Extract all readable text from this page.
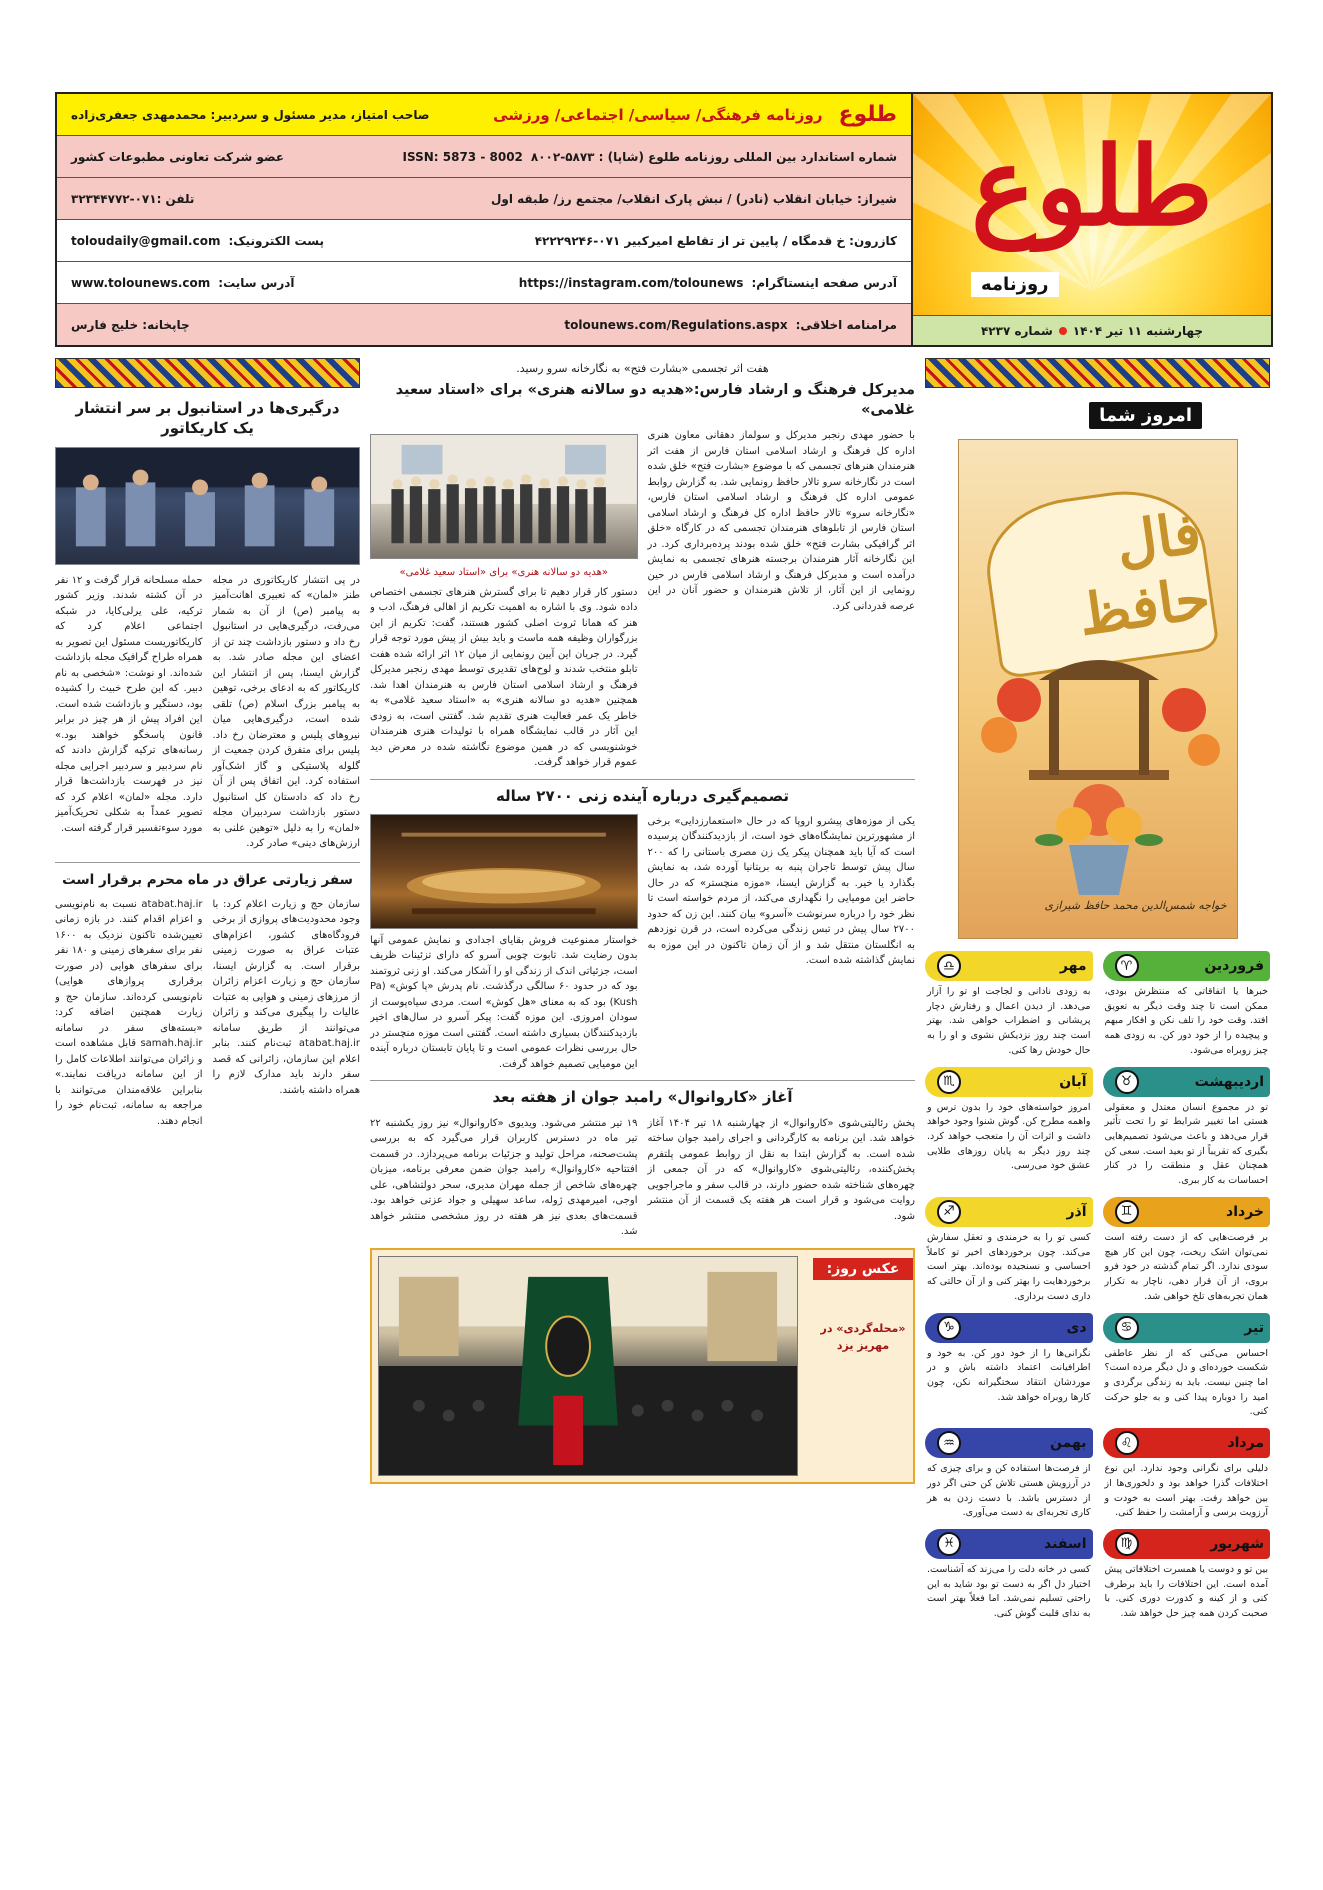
طلوع
روزنامه فرهنگی/ سیاسی/ اجتماعی/ ورزشی
صاحب امتیاز، مدیر مسئول و سردبیر: محمدمهدی جعفری‌زاده
شماره استاندارد بین المللی روزنامه طلوع (شاپا) : ۵۸۷۳-۸۰۰۲
ISSN: 5873 - 8002
عضو شرکت تعاونی مطبوعات کشور
شیراز: خیابان انقلاب (نادر) / نبش پارک انقلاب/ مجتمع رز/ طبقه اول
تلفن :۰۷۱-۳۲۳۴۴۷۷۲
کازرون: خ قدمگاه / پایین تر از تقاطع امیرکبیر ۰۷۱-۴۲۲۲۹۲۴۶
پست الکترونیک:
toloudaily@gmail.com
آدرس صفحه اینستاگرام:
https://instagram.com/tolounews
آدرس سایت:
www.tolounews.com
مرامنامه اخلاقی:
tolounews.com/Regulations.aspx
چاپخانه: خلیج فارس
طلوع
روزنامه
چهارشنبه ۱۱ تیر ۱۴۰۴
شماره ۴۲۳۷
امروز شما
فال حافظ
خواجه شمس‌الدین محمد حافظ شیرازی
فروردین
♈
خبرها یا اتفاقاتی که منتظرش بودی، ممکن است تا چند وقت دیگر به تعویق افتد. وقت خود را تلف نکن و افکار مبهم و پیچیده را از خود دور کن. به زودی همه چیز روبراه می‌شود.
مهر
♎
به زودی نادانی و لجاجت او تو را آزار می‌دهد. از دیدن اعمال و رفتارش دچار پریشانی و اضطراب خواهی شد. بهتر است چند روز نزدیکش نشوی و او را به حال خودش رها کنی.
اردیبهشت
♉
تو در مجموع انسان معتدل و معقولی هستی اما تغییر شرایط تو را تحت تأثیر قرار می‌دهد و باعث می‌شود تصمیم‌هایی بگیری که تقریباً از تو بعید است. سعی کن همچنان عقل و منطقت را در کنار احساسات به کار ببری.
آبان
♏
امروز خواسته‌های خود را بدون ترس و واهمه مطرح کن. گوش شنوا وجود خواهد داشت و اثرات آن را متعجب خواهد کرد. چند روز دیگر به پایان روزهای طلایی عشق خود می‌رسی.
خرداد
♊
بر فرصت‌هایی که از دست رفته است نمی‌توان اشک ریخت، چون این کار هیچ سودی ندارد. اگر تمام گذشته در خود فرو بروی، از آن قرار دهی، ناچار به تکرار همان تجربه‌های تلخ خواهی شد.
آذر
♐
کسی تو را به خرمندی و تعقل سفارش می‌کند. چون برخوردهای اخیر تو کاملاً احساسی و نسنجیده بوده‌اند. بهتر است برخوردهایت را بهتر کنی و از آن حالتی که داری دست برداری.
تیر
♋
احساس می‌کنی که از نظر عاطفی شکست خورده‌ای و دل دیگر مرده است؟ اما چنین نیست. باید به زندگی برگردی و امید را دوباره پیدا کنی و به جلو حرکت کنی.
دی
♑
نگرانی‌ها را از خود دور کن. به خود و اطرافیانت اعتماد داشته باش و در موردشان انتقاد سختگیرانه نکن، چون کارها روبراه خواهد شد.
مرداد
♌
دلیلی برای نگرانی وجود ندارد. این نوع اختلافات گذرا خواهد بود و دلخوری‌ها از بین خواهد رفت. بهتر است به خودت و آرزویت برسی و آرامشت را حفظ کنی.
بهمن
♒
از فرصت‌ها استفاده کن و برای چیزی که در آرزویش هستی تلاش کن حتی اگر دور از دسترس باشد. با دست زدن به هر کاری تجربه‌ای به دست می‌آوری.
شهریور
♍
بین تو و دوست یا همسرت اختلافاتی پیش آمده است. این اختلافات را باید برطرف کنی و از کینه و کدورت دوری کنی. با صحبت کردن همه چیز حل خواهد شد.
اسفند
♓
کسی در خانه دلت را می‌زند که آشناست. اختیار دل اگر به دست تو بود شاید به این راحتی تسلیم نمی‌شد. اما فعلاً بهتر است به ندای قلبت گوش کنی.
هفت اثر تجسمی «بشارت فتح» به نگارخانه سرو رسید.
مدیرکل فرهنگ و ارشاد فارس:«هدیه دو سالانه هنری» برای «استاد سعید غلامی»
با حضور مهدی رنجبر مدیرکل و سولماز دهقانی معاون هنری اداره کل فرهنگ و ارشاد اسلامی استان فارس از هفت اثر هنرمندان هنرهای تجسمی که با موضوع «بشارت فتح» خلق شده است در نگارخانه سرو تالار حافظ رونمایی شد. به گزارش روابط عمومی اداره کل فرهنگ و ارشاد اسلامی استان فارس، «نگارخانه سرو» تالار حافظ اداره کل فرهنگ و ارشاد اسلامی استان فارس از تابلوهای هنرمندان تجسمی که در کارگاه «خلق اثر گرافیکی بشارت فتح» خلق شده بودند پرده‌برداری کرد. در این نگارخانه آثار هنرمندان برجسته هنرهای تجسمی به نمایش درآمده است و مدیرکل فرهنگ و ارشاد اسلامی فارس در حین رونمایی از این آثار، از تلاش هنرمندان و حضور آنان در این عرصه قدردانی کرد.
«هدیه دو سالانه هنری» برای «استاد سعید غلامی»
دستور کار قرار دهیم تا برای گسترش هنرهای تجسمی اختصاص داده شود. وی با اشاره به اهمیت تکریم از اهالی فرهنگ، ادب و هنر که همانا ثروت اصلی کشور هستند، گفت: تکریم از این بزرگواران وظیفه همه ماست و باید بیش از پیش مورد توجه قرار گیرد. در جریان این آیین رونمایی از میان ۱۲ اثر ارائه شده هفت تابلو منتخب شدند و لوح‌های تقدیری توسط مهدی رنجبر مدیرکل فرهنگ و ارشاد اسلامی استان فارس به هنرمندان اهدا شد. همچنین «هدیه دو سالانه هنری» به «استاد سعید غلامی» به خاطر یک عمر فعالیت هنری تقدیم شد. گفتنی است، به زودی این آثار در قالب نمایشگاه همراه با تولیدات هنری هنرمندان خوشنویسی که در همین موضوع نگاشته شده در معرض دید عموم قرار خواهد گرفت.
تصمیم‌گیری درباره آینده زنی ۲۷۰۰ ساله
یکی از موزه‌های پیشرو اروپا که در حال «استعمارزدایی» برخی از مشهورترین نمایشگاه‌های خود است، از بازدیدکنندگان پرسیده است که آیا باید همچنان پیکر یک زن مصری باستانی را که ۲۰۰ سال پیش توسط تاجران پنبه به بریتانیا آورده شد، به نمایش بگذارد یا خیر. به گزارش ایسنا، «موزه منچستر» که در حال حاضر این مومیایی را نگهداری می‌کند، از مردم خواسته است تا نظر خود را درباره سرنوشت «آسرو» بیان کنند. این زن که حدود ۲۷۰۰ سال پیش در تبس زندگی می‌کرده است، در قرن نوزدهم به انگلستان منتقل شد و از آن زمان تاکنون در این موزه به نمایش گذاشته شده است.
خواستار ممنوعیت فروش بقایای اجدادی و نمایش عمومی آنها بدون رضایت شد. تابوت چوبی آسرو که دارای تزئینات ظریف است، جزئیاتی اندک از زندگی او را آشکار می‌کند. او زنی ثروتمند بود که در حدود ۶۰ سالگی درگذشت. نام پدرش «پا کوش» (Pa Kush) بود که به معنای «هل کوش» است. مردی سیاه‌پوست از سودان امروزی. این موزه گفت: پیکر آسرو در سال‌های اخیر بازدیدکنندگان بسیاری داشته است. گفتنی است موزه منچستر در حال بررسی نظرات عمومی است و تا پایان تابستان درباره آینده این مومیایی تصمیم خواهد گرفت.
آغاز «کاروانوال» رامبد جوان از هفته بعد
پخش رئالیتی‌شوی «کاروانوال» از چهارشنبه ۱۸ تیر ۱۴۰۴ آغاز خواهد شد. این برنامه به کارگردانی و اجرای رامبد جوان ساخته شده است. به گزارش ابتدا به نقل از روابط عمومی پلتفرم پخش‌کننده، رئالیتی‌شوی «کاروانوال» که در آن جمعی از چهره‌های شناخته شده حضور دارند، در قالب سفر و ماجراجویی روایت می‌شود و قرار است هر هفته یک قسمت از آن منتشر شود.
۱۹ تیر منتشر می‌شود. ویدیوی «کاروانوال» نیز روز یکشنبه ۲۲ تیر ماه در دسترس کاربران قرار می‌گیرد که به بررسی پشت‌صحنه، مراحل تولید و جزئیات برنامه می‌پردازد. در قسمت افتتاحیه «کاروانوال» رامبد جوان ضمن معرفی برنامه، میزبان چهره‌های شاخص از جمله مهران مدیری، سحر دولتشاهی، علی اوجی، امیرمهدی ژوله، ساعد سهیلی و جواد عزتی خواهد بود. قسمت‌های بعدی نیز هر هفته در روز مشخصی منتشر خواهد شد.
عکس روز:
«محله‌گردی» در مهریز یزد
درگیری‌ها در استانبول بر سر انتشار یک کاریکاتور
در پی انتشار کاریکاتوری در مجله طنز «لمان» که تعبیری اهانت‌آمیز به پیامبر (ص) از آن به شمار می‌رفت، درگیری‌هایی در استانبول رخ داد و دستور بازداشت چند تن از اعضای این مجله صادر شد. به گزارش ایسنا، پس از انتشار این کاریکاتور که به ادعای برخی، توهین به پیامبر بزرگ اسلام (ص) تلقی شده است، درگیری‌هایی میان نیروهای پلیس و معترضان رخ داد. پلیس برای متفرق کردن جمعیت از گلوله پلاستیکی و گاز اشک‌آور استفاده کرد. این اتفاق پس از آن رخ داد که دادستان کل استانبول دستور بازداشت سردبیران مجله «لمان» را به دلیل «توهین علنی به ارزش‌های دینی» صادر کرد.
حمله مسلحانه قرار گرفت و ۱۲ نفر در آن کشته شدند. وزیر کشور ترکیه، علی یرلی‌کایا، در شبکه اجتماعی اعلام کرد که کاریکاتوریست مسئول این تصویر به همراه طراح گرافیک مجله بازداشت شده‌اند. او نوشت: «شخصی به نام دبیر. که این طرح خبیث را کشیده بود، دستگیر و بازداشت شده است. این افراد پیش از هر چیز در برابر قانون پاسخگو خواهند بود.» رسانه‌های ترکیه گزارش دادند که نام سردبیر و سردبیر اجرایی مجله نیز در فهرست بازداشت‌ها قرار دارد. مجله «لمان» اعلام کرد که تصویر عمداً به شکلی تحریک‌آمیز مورد سوءتفسیر قرار گرفته است.
سفر زیارتی عراق در ماه محرم برقرار است
سازمان حج و زیارت اعلام کرد: با وجود محدودیت‌های پروازی از برخی فرودگاه‌های کشور، اعزام‌های عتبات عراق به صورت زمینی برقرار است. به گزارش ایسنا، سازمان حج و زیارت اعزام زائران از مرزهای زمینی و هوایی به عتبات عالیات را پیگیری می‌کند و زائران می‌توانند از طریق سامانه atabat.haj.ir ثبت‌نام کنند. بنابر اعلام این سازمان، زائرانی که قصد سفر دارند باید مدارک لازم را همراه داشته باشند.
atabat.haj.ir نسبت به نام‌نویسی و اعزام اقدام کنند. در بازه زمانی تعیین‌شده تاکنون نزدیک به ۱۶۰۰ نفر برای سفرهای زمینی و ۱۸۰ نفر برای سفرهای هوایی (در صورت برقراری پروازهای هوایی) نام‌نویسی کرده‌اند. سازمان حج و زیارت همچنین اضافه کرد: «بسته‌های سفر در سامانه samah.haj.ir قابل مشاهده است و زائران می‌توانند اطلاعات کامل را از این سامانه دریافت نمایند.» بنابراین علاقه‌مندان می‌توانند با مراجعه به سامانه، ثبت‌نام خود را انجام دهند.
